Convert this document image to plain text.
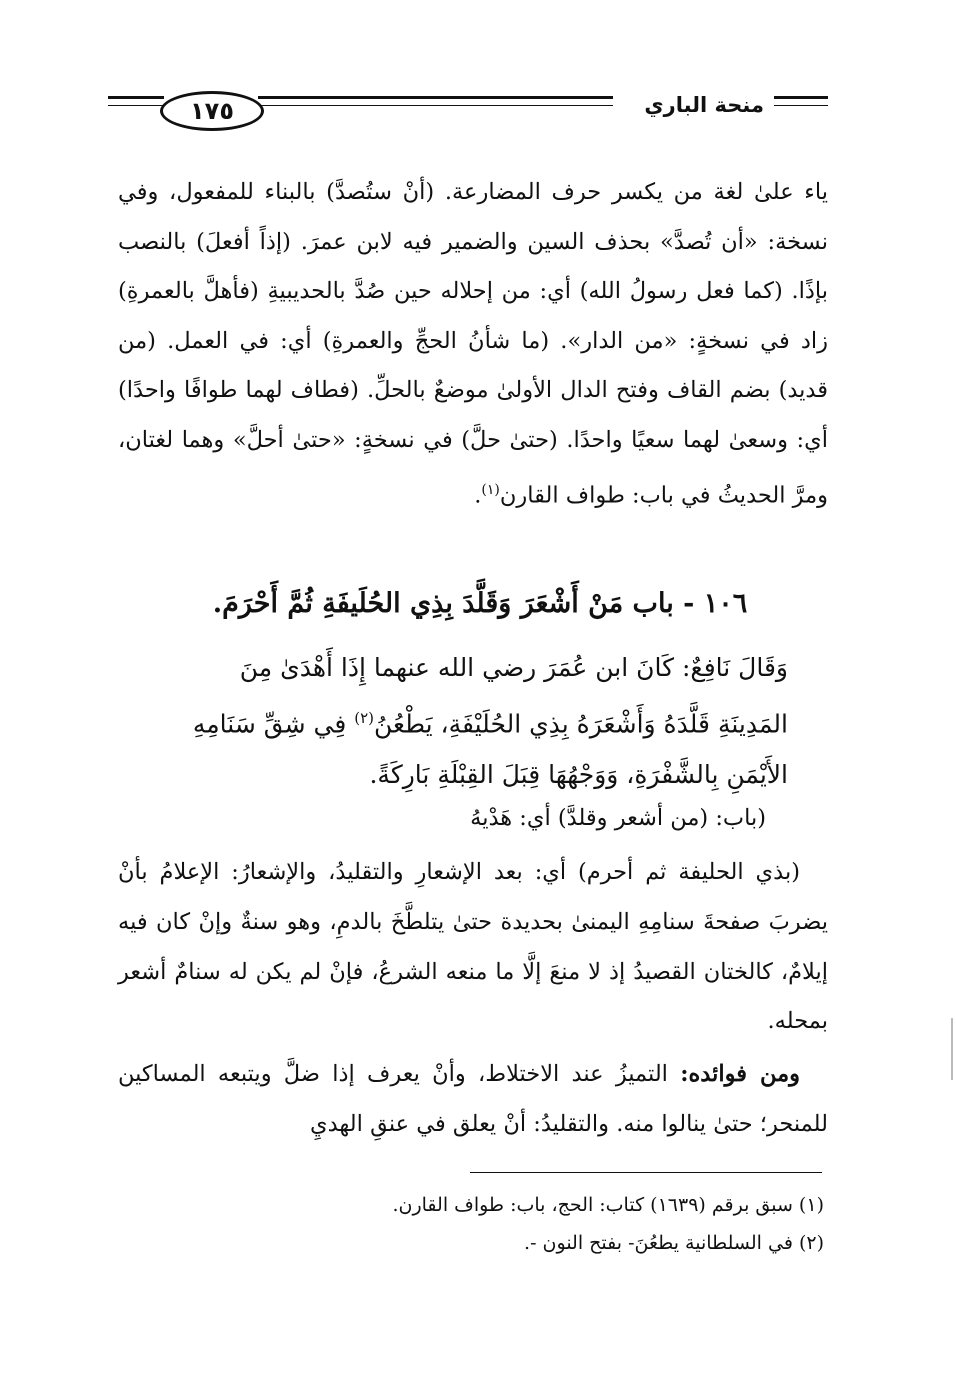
١٧٥	منحة الباري
ياء علىٰ لغة من يكسر حرف المضارعة. (أنْ ستُصدَّ) بالبناء للمفعول، وفي نسخة: «أن تُصدَّ» بحذف السين والضمير فيه لابن عمرَ. (إذاً أفعلَ) بالنصب بإذًا. (كما فعل رسولُ الله) أي: من إحلاله حين صُدَّ بالحديبيةِ (فأهلَّ بالعمرةِ) زاد في نسخةٍ: «من الدار». (ما شأنُ الحجِّ والعمرةِ) أي: في العمل. (من قديد) بضم القاف وفتح الدال الأولىٰ موضعٌ بالحلِّ. (فطاف لهما طوافًا واحدًا) أي: وسعىٰ لهما سعيًا واحدًا. (حتىٰ حلَّ) في نسخةٍ: «حتىٰ أحلَّ» وهما لغتان، ومرَّ الحديثُ في باب: طواف القارن$^{(١)}$.
١٠٦ - باب مَنْ أَشْعَرَ وَقَلَّدَ بِذِي الحُلَيفَةِ ثُمَّ أَحْرَمَ.
وَقَالَ نَافِعٌ: كَانَ ابن عُمَرَ رضي الله عنهما إِذَا أَهْدَىٰ مِنَ
المَدِينَةِ قَلَّدَهُ وَأَشْعَرَهُ بِذِي الحُلَيْفَةِ، يَطْعُنُ$^{(٢)}$ فِي شِقِّ سَنَامِهِ
الأَيْمَنِ بِالشَّفْرَةِ، وَوَجْهُهَا قِبَلَ القِبْلَةِ بَارِكَةً.
(باب: (من أشعر وقلدَّ) أي: هَدْيهُ
(بذي الحليفة ثم أحرم) أي: بعد الإشعارِ والتقليدُ، والإشعارُ: الإعلامُ بأنْ يضربَ صفحةَ سنامِهِ اليمنىٰ بحديدة حتىٰ يتلطَّخَ بالدمِ، وهو سنةٌ وإنْ كان فيه إيلامٌ، كالختان القصيدُ إذ لا منعَ إلَّا ما منعه الشرعُ، فإنْ لم يكن له سنامٌ أشعر بمحله.
ومن فوائده: التميزُ عند الاختلاط، وأنْ يعرف إذا ضلَّ ويتبعه المساكين للمنحر؛ حتىٰ ينالوا منه. والتقليدُ: أنْ يعلق في عنقِ الهديِ
(١) سبق برقم (١٦٣٩) كتاب: الحج، باب: طواف القارن.
(٢) في السلطانية يطعُنَ- بفتح النون -.
